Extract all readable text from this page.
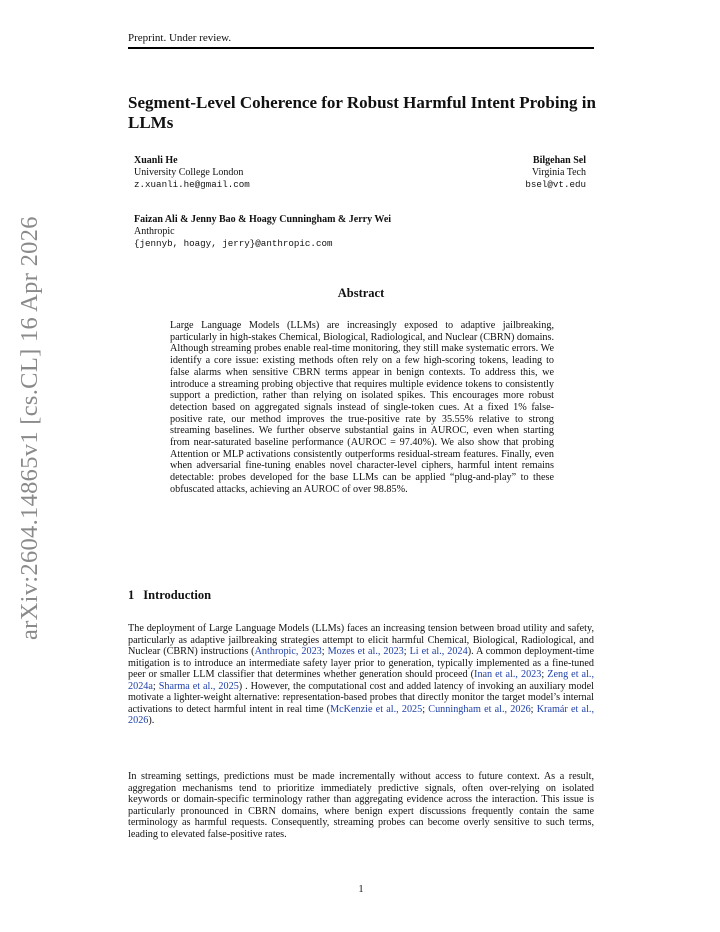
Preprint. Under review.
arXiv:2604.14865v1 [cs.CL] 16 Apr 2026
Segment-Level Coherence for Robust Harmful Intent Probing in LLMs
Xuanli He
University College London
z.xuanli.he@gmail.com
Bilgehan Sel
Virginia Tech
bsel@vt.edu
Faizan Ali & Jenny Bao & Hoagy Cunningham & Jerry Wei
Anthropic
{jennyb, hoagy, jerry}@anthropic.com
Abstract
Large Language Models (LLMs) are increasingly exposed to adaptive jailbreaking, particularly in high-stakes Chemical, Biological, Radiological, and Nuclear (CBRN) domains. Although streaming probes enable real-time monitoring, they still make systematic errors. We identify a core issue: existing methods often rely on a few high-scoring tokens, leading to false alarms when sensitive CBRN terms appear in benign contexts. To address this, we introduce a streaming probing objective that requires multiple evidence tokens to consistently support a prediction, rather than relying on isolated spikes. This encourages more robust detection based on aggregated signals instead of single-token cues. At a fixed 1% false-positive rate, our method improves the true-positive rate by 35.55% relative to strong streaming baselines. We further observe substantial gains in AUROC, even when starting from near-saturated baseline performance (AUROC = 97.40%). We also show that probing Attention or MLP activations consistently outperforms residual-stream features. Finally, even when adversarial fine-tuning enables novel character-level ciphers, harmful intent remains detectable: probes developed for the base LLMs can be applied “plug-and-play” to these obfuscated attacks, achieving an AUROC of over 98.85%.
1 Introduction
The deployment of Large Language Models (LLMs) faces an increasing tension between broad utility and safety, particularly as adaptive jailbreaking strategies attempt to elicit harmful Chemical, Biological, Radiological, and Nuclear (CBRN) instructions (Anthropic, 2023; Mozes et al., 2023; Li et al., 2024). A common deployment-time mitigation is to introduce an intermediate safety layer prior to generation, typically implemented as a fine-tuned peer or smaller LLM classifier that determines whether generation should proceed (Inan et al., 2023; Zeng et al., 2024a; Sharma et al., 2025) . However, the computational cost and added latency of invoking an auxiliary model motivate a lighter-weight alternative: representation-based probes that directly monitor the target model’s internal activations to detect harmful intent in real time (McKenzie et al., 2025; Cunningham et al., 2026; Kramár et al., 2026).
In streaming settings, predictions must be made incrementally without access to future context. As a result, aggregation mechanisms tend to prioritize immediately predictive signals, often over-relying on isolated keywords or domain-specific terminology rather than aggregating evidence across the interaction. This issue is particularly pronounced in CBRN domains, where benign expert discussions frequently contain the same terminology as harmful requests. Consequently, streaming probes can become overly sensitive to such terms, leading to elevated false-positive rates.
1
